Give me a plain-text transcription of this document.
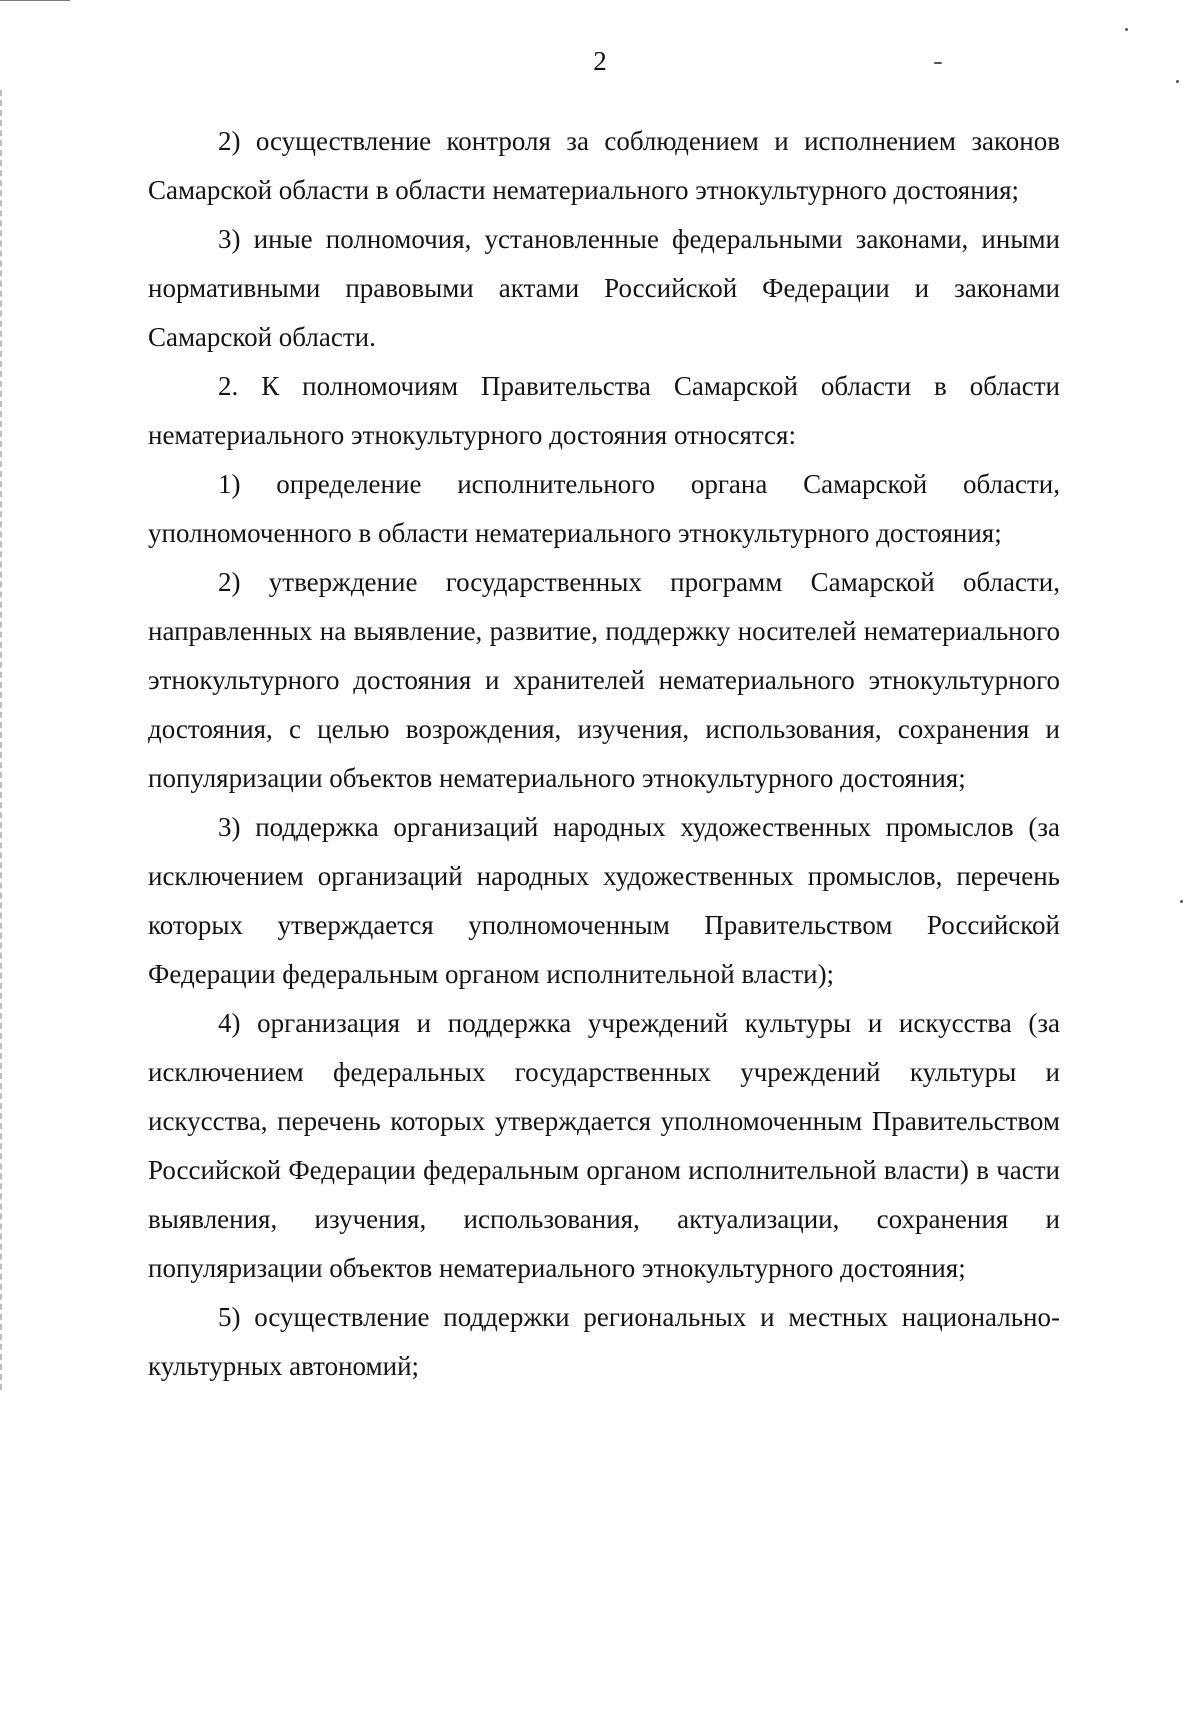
2

2) осуществление контроля за соблюдением и исполнением законов Самарской области в области нематериального этнокультурного достояния;

3) иные полномочия, установленные федеральными законами, иными нормативными правовыми актами Российской Федерации и законами Самарской области.

2. К полномочиям Правительства Самарской области в области нематериального этнокультурного достояния относятся:

1) определение исполнительного органа Самарской области, уполномоченного в области нематериального этнокультурного достояния;

2) утверждение государственных программ Самарской области, направленных на выявление, развитие, поддержку носителей нематериального этнокультурного достояния и хранителей нематериального этнокультурного достояния, с целью возрождения, изучения, использования, сохранения и популяризации объектов нематериального этнокультурного достояния;

3) поддержка организаций народных художественных промыслов (за исключением организаций народных художественных промыслов, перечень которых утверждается уполномоченным Правительством Российской Федерации федеральным органом исполнительной власти);

4) организация и поддержка учреждений культуры и искусства (за исключением федеральных государственных учреждений культуры и искусства, перечень которых утверждается уполномоченным Правительством Российской Федерации федеральным органом исполнительной власти) в части выявления, изучения, использования, актуализации, сохранения и популяризации объектов нематериального этнокультурного достояния;

5) осуществление поддержки региональных и местных национально-культурных автономий;
